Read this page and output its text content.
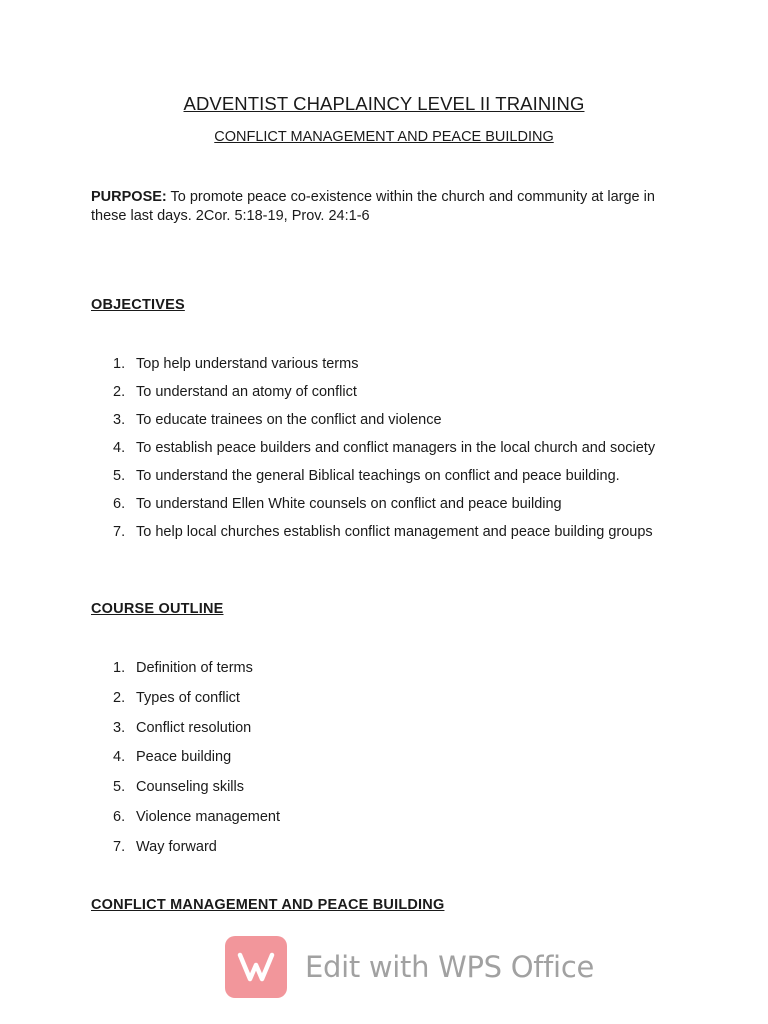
ADVENTIST CHAPLAINCY LEVEL II TRAINING
CONFLICT MANAGEMENT AND PEACE BUILDING
PURPOSE: To promote peace co-existence within the church and community at large in these last days. 2Cor. 5:18-19, Prov. 24:1-6
OBJECTIVES
1. Top help understand various terms
2. To understand an atomy of conflict
3. To educate trainees on the conflict and violence
4. To establish peace builders and conflict managers in the local church and society
5. To understand the general Biblical teachings on conflict and peace building.
6. To understand Ellen White counsels on conflict and peace building
7. To help local churches establish conflict management and peace building groups
COURSE OUTLINE
1. Definition of terms
2. Types of conflict
3. Conflict resolution
4. Peace building
5. Counseling skills
6. Violence management
7. Way forward
CONFLICT MANAGEMENT AND PEACE BUILDING
Edit with WPS Office
